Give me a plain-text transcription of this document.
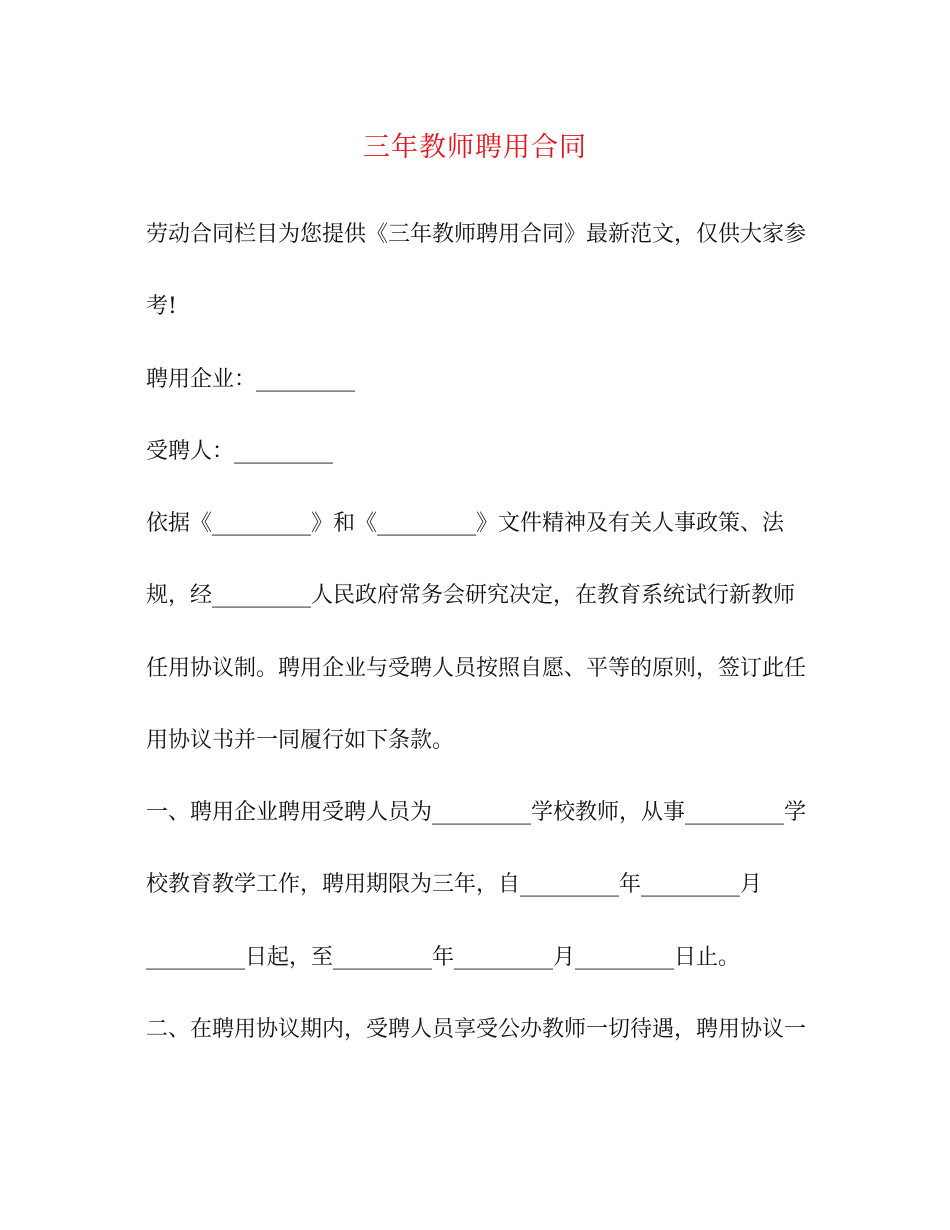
三年教师聘用合同
劳动合同栏目为您提供《三年教师聘用合同》最新范文，仅供大家参
考!
聘用企业：_________
受聘人：_________
依据《_________》和《_________》文件精神及有关人事政策、法
规，经_________人民政府常务会研究决定，在教育系统试行新教师
任用协议制。聘用企业与受聘人员按照自愿、平等的原则，签订此任
用协议书并一同履行如下条款。
一、聘用企业聘用受聘人员为_________学校教师，从事_________学
校教育教学工作，聘用期限为三年，自_________年_________月
_________日起，至_________年_________月_________日止。
二、在聘用协议期内，受聘人员享受公办教师一切待遇，聘用协议一
